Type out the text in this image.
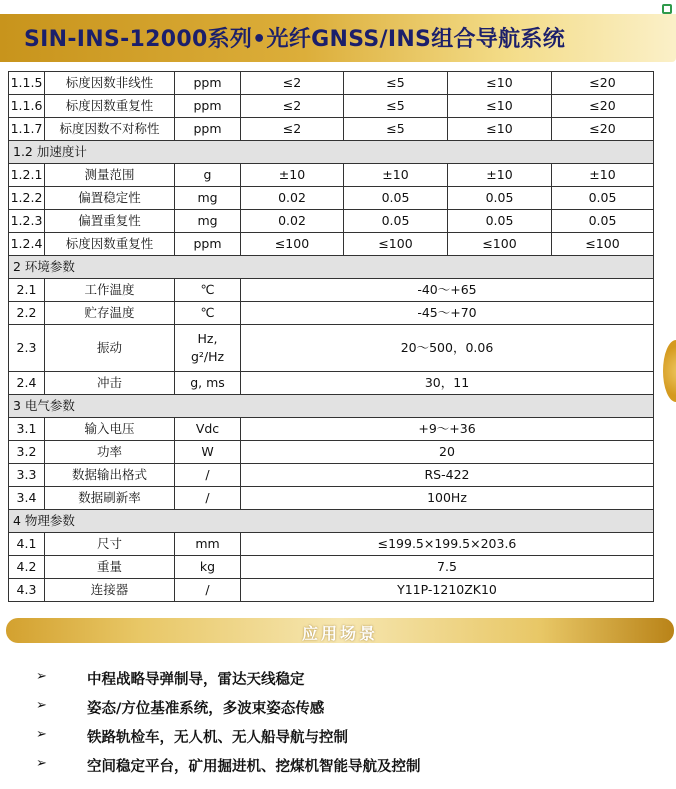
SIN-INS-12000系列•光纤GNSS/INS组合导航系统
1.1.5	标度因数非线性	ppm	≤2	≤5	≤10	≤20
1.1.6	标度因数重复性	ppm	≤2	≤5	≤10	≤20
1.1.7	标度因数不对称性	ppm	≤2	≤5	≤10	≤20
1.2 加速度计						
1.2.1	测量范围	g	±10	±10	±10	±10
1.2.2	偏置稳定性	mg	0.02	0.05	0.05	0.05
1.2.3	偏置重复性	mg	0.02	0.05	0.05	0.05
1.2.4	标度因数重复性	ppm	≤100	≤100	≤100	≤100
2 环境参数						
2.1	工作温度	℃	-40～+65			
2.2	贮存温度	℃	-45～+70			
2.3	振动	Hz,
g²/Hz	20～500，0.06			
2.4	冲击	g, ms	30，11			
3 电气参数						
3.1	输入电压	Vdc	+9～+36			
3.2	功率	W	20			
3.3	数据输出格式	/	RS-422			
3.4	数据刷新率	/	100Hz			
4 物理参数						
4.1	尺寸	mm	≤199.5×199.5×203.6			
4.2	重量	kg	7.5			
4.3	连接器	/	Y11P-1210ZK10			
应用场景
➢	中程战略导弹制导，雷达天线稳定
➢	姿态/方位基准系统，多波束姿态传感
➢	铁路轨检车，无人机、无人船导航与控制
➢	空间稳定平台，矿用掘进机、挖煤机智能导航及控制
